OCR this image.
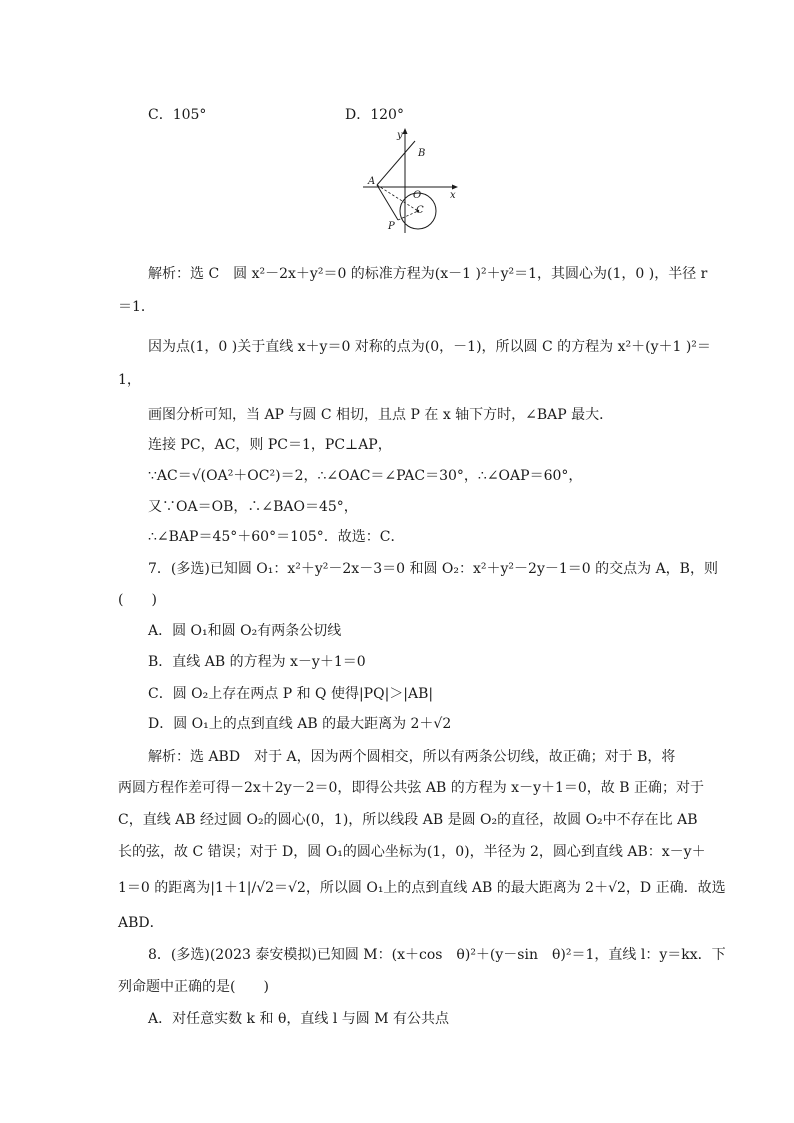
C．105°	D．120°
y
B
A
O	x
C
P
解析：选 C　圆 x²－2x＋y²＝0 的标准方程为(x－1 )²＋y²＝1，其圆心为(1，0 )，半径 r
＝1．
因为点(1，0 )关于直线 x＋y＝0 对称的点为(0，－1)，所以圆 C 的方程为 x²＋(y＋1 )²＝
1，
画图分析可知，当 AP 与圆 C 相切，且点 P 在 x 轴下方时，∠BAP 最大．
连接 PC，AC，则 PC＝1，PC⊥AP，
∵AC＝√(OA²＋OC²)＝2，∴∠OAC＝∠PAC＝30°，∴∠OAP＝60°，
又∵OA＝OB，∴∠BAO＝45°，
∴∠BAP＝45°＋60°＝105°．故选：C．
7．(多选)已知圆 O₁：x²＋y²－2x－3＝0 和圆 O₂：x²＋y²－2y－1＝0 的交点为 A，B，则
(　　)
A．圆 O₁和圆 O₂有两条公切线
B．直线 AB 的方程为 x－y＋1＝0
C．圆 O₂上存在两点 P 和 Q 使得|PQ|＞|AB|
D．圆 O₁上的点到直线 AB 的最大距离为 2＋√2
解析：选 ABD　对于 A，因为两个圆相交，所以有两条公切线，故正确；对于 B，将
两圆方程作差可得－2x＋2y－2＝0，即得公共弦 AB 的方程为 x－y＋1＝0，故 B 正确；对于
C，直线 AB 经过圆 O₂的圆心(0，1)，所以线段 AB 是圆 O₂的直径，故圆 O₂中不存在比 AB
长的弦，故 C 错误；对于 D，圆 O₁的圆心坐标为(1，0)，半径为 2，圆心到直线 AB：x－y＋
1＝0 的距离为|1＋1|/√2＝√2，所以圆 O₁上的点到直线 AB 的最大距离为 2＋√2，D 正确．故选
ABD．
8．(多选)(2023 泰安模拟)已知圆 M：(x＋cos　θ)²＋(y－sin　θ)²＝1，直线 l：y＝kx．下
列命题中正确的是(　　)
A．对任意实数 k 和 θ，直线 l 与圆 M 有公共点
